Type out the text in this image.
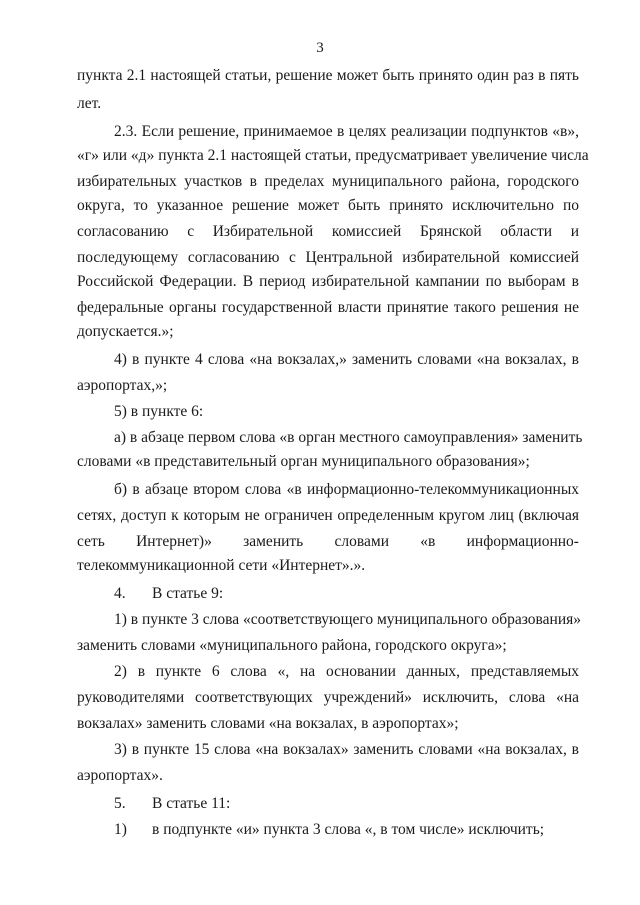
3
пункта 2.1 настоящей статьи, решение может быть принято один раз в пять
лет.
2.3. Если решение, принимаемое в целях реализации подпунктов «в»,
«г» или «д» пункта 2.1 настоящей статьи, предусматривает увеличение числа
избирательных участков в пределах муниципального района, городского
округа, то указанное решение может быть принято исключительно по
согласованию с Избирательной комиссией Брянской области и
последующему согласованию с Центральной избирательной комиссией
Российской Федерации. В период избирательной кампании по выборам в
федеральные органы государственной власти принятие такого решения не
допускается.»;
4) в пункте 4 слова «на вокзалах,» заменить словами «на вокзалах, в
аэропортах,»;
5) в пункте 6:
а) в абзаце первом слова «в орган местного самоуправления» заменить
словами «в представительный орган муниципального образования»;
б) в абзаце втором слова «в информационно-телекоммуникационных
сетях, доступ к которым не ограничен определенным кругом лиц (включая
сеть Интернет)» заменить словами «в информационно-
телекоммуникационной сети «Интернет».».
4. В статье 9:
1) в пункте 3 слова «соответствующего муниципального образования»
заменить словами «муниципального района, городского округа»;
2) в пункте 6 слова «, на основании данных, представляемых
руководителями соответствующих учреждений» исключить, слова «на
вокзалах» заменить словами «на вокзалах, в аэропортах»;
3) в пункте 15 слова «на вокзалах» заменить словами «на вокзалах, в
аэропортах».
5. В статье 11:
1) в подпункте «и» пункта 3 слова «, в том числе» исключить;
